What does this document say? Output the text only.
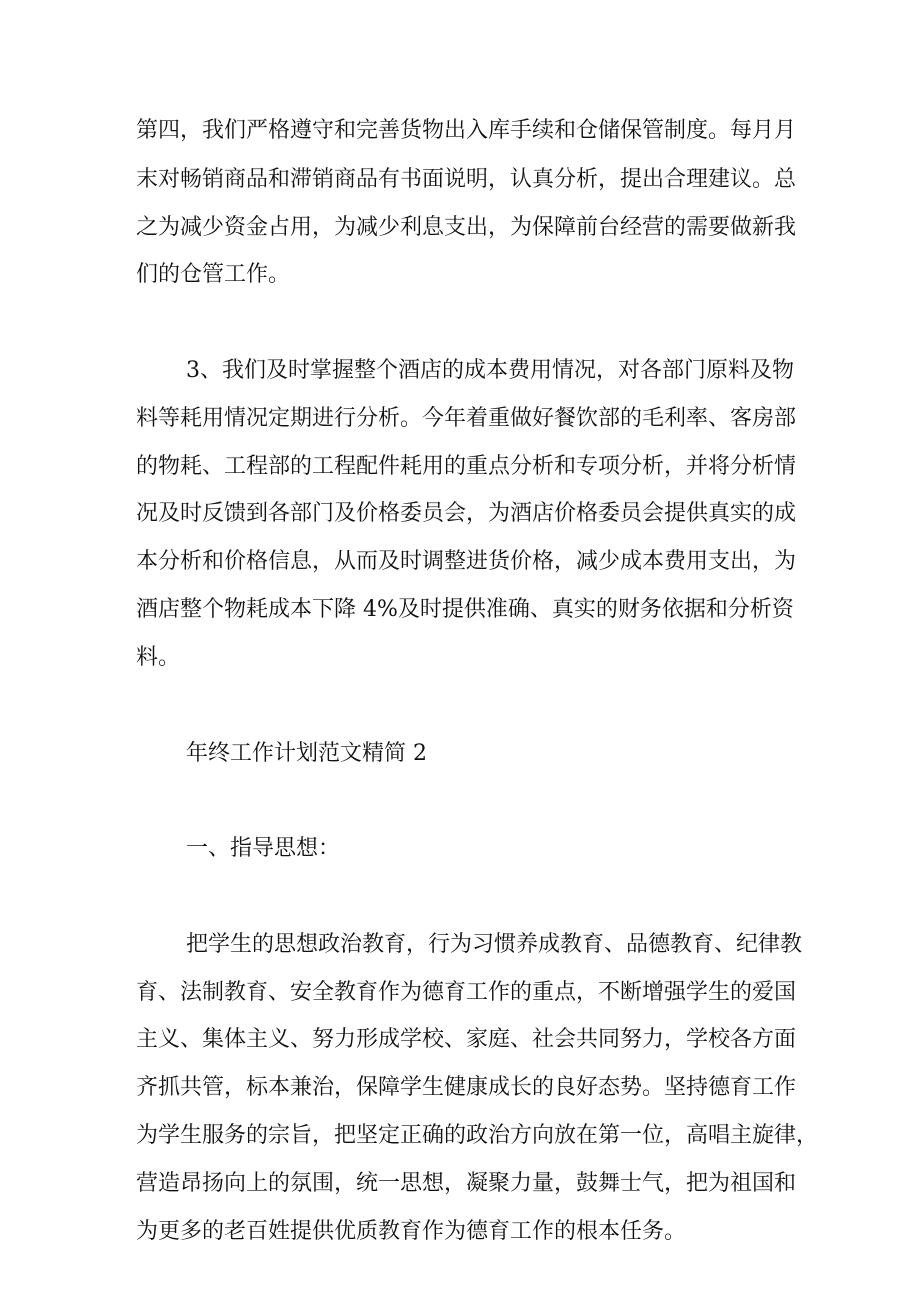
第四，我们严格遵守和完善货物出入库手续和仓储保管制度。每月月
末对畅销商品和滞销商品有书面说明，认真分析，提出合理建议。总
之为减少资金占用，为减少利息支出，为保障前台经营的需要做新我
们的仓管工作。
3、我们及时掌握整个酒店的成本费用情况，对各部门原料及物
料等耗用情况定期进行分析。今年着重做好餐饮部的毛利率、客房部
的物耗、工程部的工程配件耗用的重点分析和专项分析，并将分析情
况及时反馈到各部门及价格委员会，为酒店价格委员会提供真实的成
本分析和价格信息，从而及时调整进货价格，减少成本费用支出，为
酒店整个物耗成本下降 4%及时提供准确、真实的财务依据和分析资
料。
年终工作计划范文精简 2
一、指导思想：
把学生的思想政治教育，行为习惯养成教育、品德教育、纪律教
育、法制教育、安全教育作为德育工作的重点，不断增强学生的爱国
主义、集体主义、努力形成学校、家庭、社会共同努力，学校各方面
齐抓共管，标本兼治，保障学生健康成长的良好态势。坚持德育工作
为学生服务的宗旨，把坚定正确的政治方向放在第一位，高唱主旋律，
营造昂扬向上的氛围，统一思想，凝聚力量，鼓舞士气，把为祖国和
为更多的老百姓提供优质教育作为德育工作的根本任务。
